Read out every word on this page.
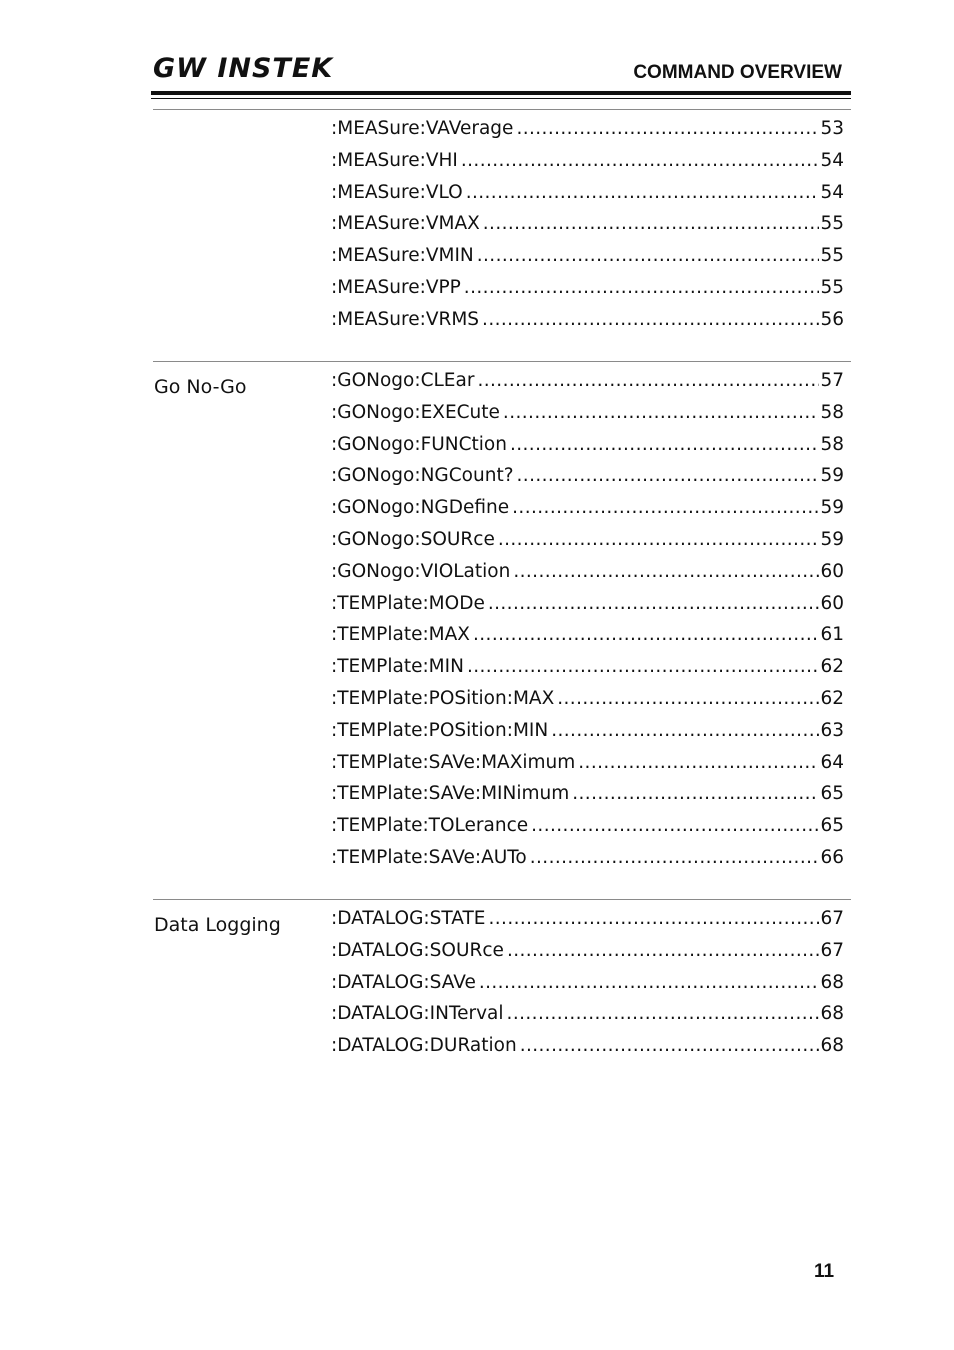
GW INSTEK	COMMAND OVERVIEW
:MEASure:VAVerage .....	53
:MEASure:VHI .....	54
:MEASure:VLO .....	54
:MEASure:VMAX .....	55
:MEASure:VMIN .....	55
:MEASure:VPP .....	55
:MEASure:VRMS .....	56
Go No-Go	:GONogo:CLEar .....	57
:GONogo:EXECute .....	58
:GONogo:FUNCtion .....	58
:GONogo:NGCount? .....	59
:GONogo:NGDefine .....	59
:GONogo:SOURce .....	59
:GONogo:VIOLation .....	60
:TEMPlate:MODe .....	60
:TEMPlate:MAX .....	61
:TEMPlate:MIN .....	62
:TEMPlate:POSition:MAX .....	62
:TEMPlate:POSition:MIN .....	63
:TEMPlate:SAVe:MAXimum .....	64
:TEMPlate:SAVe:MINimum .....	65
:TEMPlate:TOLerance .....	65
:TEMPlate:SAVe:AUTo .....	66
Data Logging	:DATALOG:STATE .....	67
:DATALOG:SOURce .....	67
:DATALOG:SAVe .....	68
:DATALOG:INTerval .....	68
:DATALOG:DURation .....	68
11
